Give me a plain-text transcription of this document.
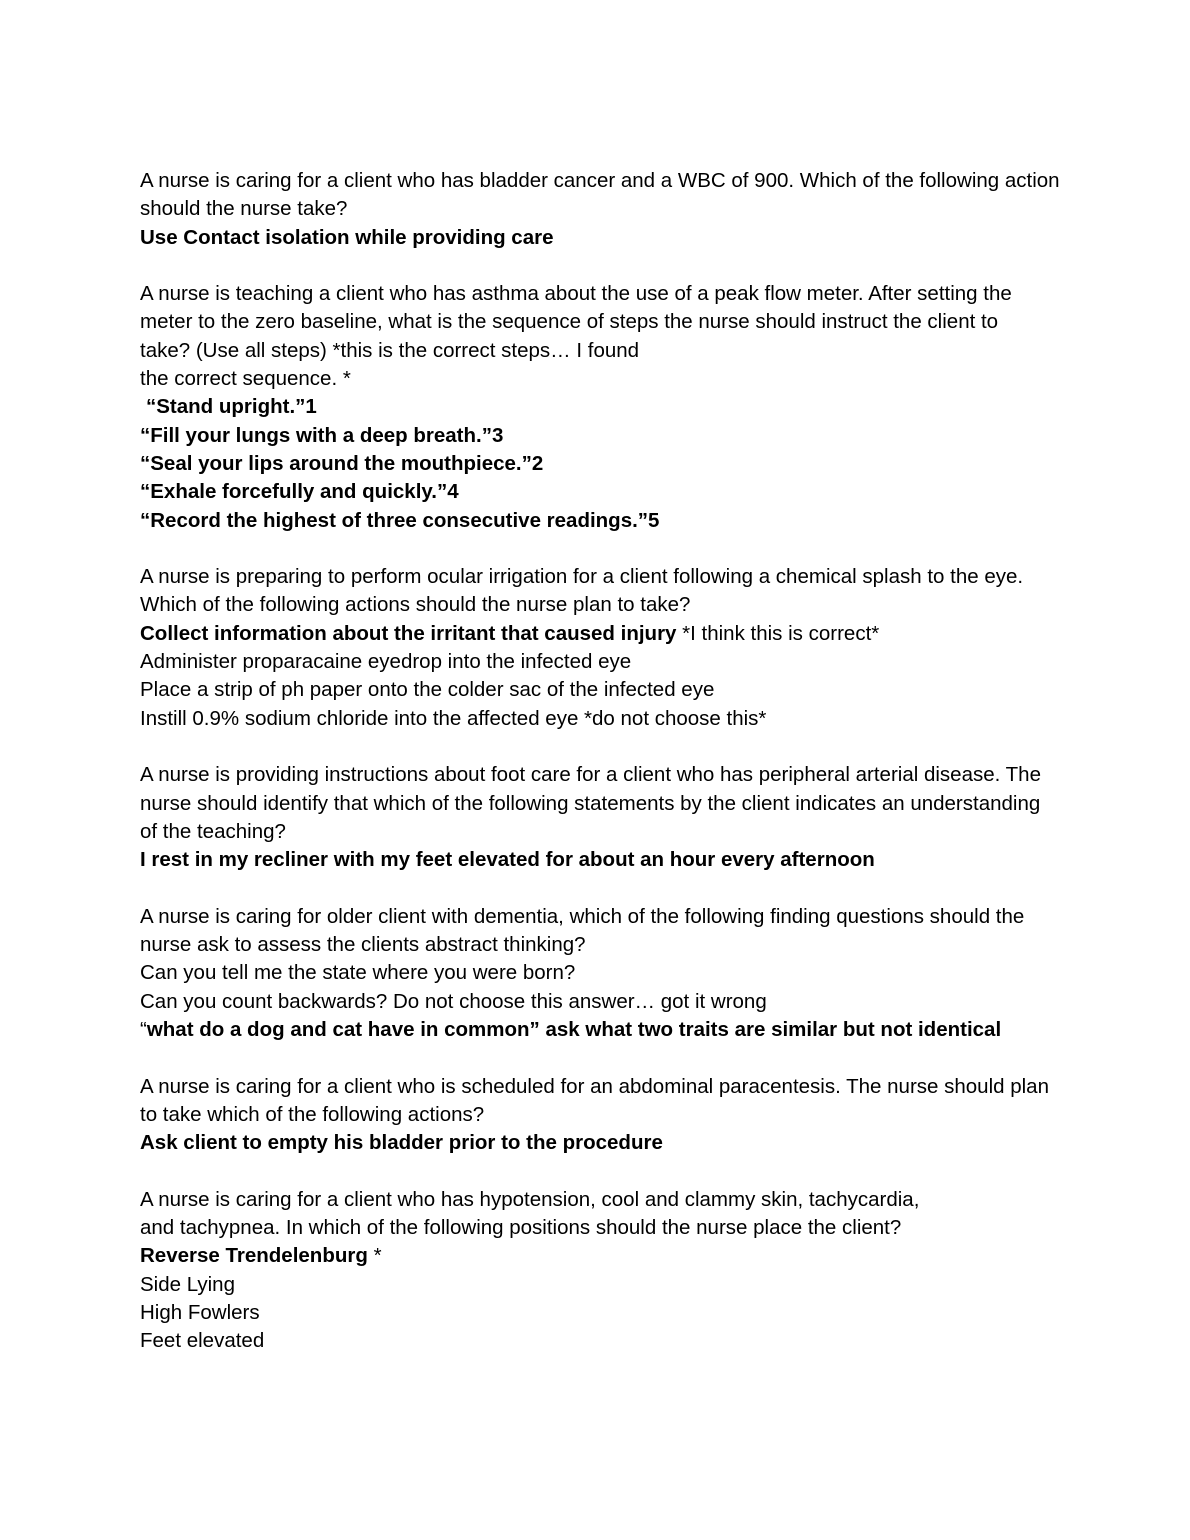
A nurse is caring for a client who has bladder cancer and a WBC of 900. Which of the following action should the nurse take?
Use Contact isolation while providing care
A nurse is teaching a client who has asthma about the use of a peak flow meter. After setting the
meter to the zero baseline, what is the sequence of steps the nurse should instruct the client to
take? (Use all steps) *this is the correct steps… I found
the correct sequence. *
“Stand upright.”1
“Fill your lungs with a deep breath.”3
“Seal your lips around the mouthpiece.”2
“Exhale forcefully and quickly.”4
“Record the highest of three consecutive readings.”5
A nurse is preparing to perform ocular irrigation for a client following a chemical splash to the eye. Which of the following actions should the nurse plan to take?
Collect information about the irritant that caused injury *I think this is correct*
Administer proparacaine eyedrop into the infected eye
Place a strip of ph paper onto the colder sac of the infected eye
Instill 0.9% sodium chloride into the affected eye *do not choose this*
A nurse is providing instructions about foot care for a client who has peripheral arterial disease. The nurse should identify that which of the following statements by the client indicates an understanding of the teaching?
I rest in my recliner with my feet elevated for about an hour every afternoon
A nurse is caring for older client with dementia, which of the following finding questions should the nurse ask to assess the clients abstract thinking?
Can you tell me the state where you were born?
Can you count backwards? Do not choose this answer… got it wrong
“what do a dog and cat have in common” ask what two traits are similar but not identical
A nurse is caring for a client who is scheduled for an abdominal paracentesis. The nurse should plan to take which of the following actions?
Ask client to empty his bladder prior to the procedure
A nurse is caring for a client who has hypotension, cool and clammy skin, tachycardia,
and tachypnea. In which of the following positions should the nurse place the client?
Reverse Trendelenburg *
Side Lying
High Fowlers
Feet elevated
